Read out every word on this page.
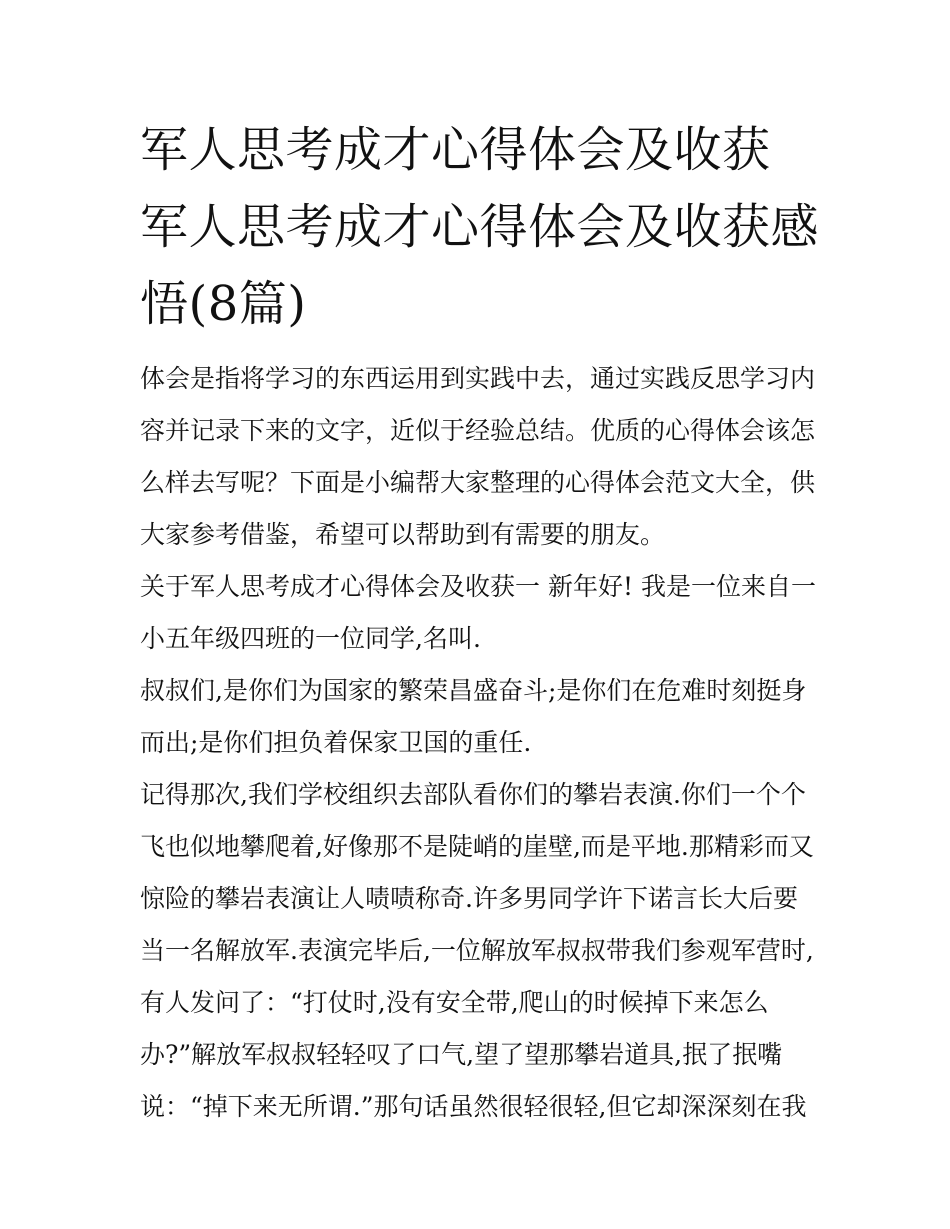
军人思考成才心得体会及收获 军人思考成才心得体会及收获感悟(8篇)

体会是指将学习的东西运用到实践中去，通过实践反思学习内容并记录下来的文字，近似于经验总结。优质的心得体会该怎么样去写呢？下面是小编帮大家整理的心得体会范文大全，供大家参考借鉴，希望可以帮助到有需要的朋友。

关于军人思考成才心得体会及收获一 新年好! 我是一位来自一小五年级四班的一位同学,名叫.

叔叔们,是你们为国家的繁荣昌盛奋斗;是你们在危难时刻挺身而出;是你们担负着保家卫国的重任.

记得那次,我们学校组织去部队看你们的攀岩表演.你们一个个飞也似地攀爬着,好像那不是陡峭的崖壁,而是平地.那精彩而又惊险的攀岩表演让人啧啧称奇.许多男同学许下诺言长大后要当一名解放军.表演完毕后,一位解放军叔叔带我们参观军营时,有人发问了：“打仗时,没有安全带,爬山的时候掉下来怎么办?”解放军叔叔轻轻叹了口气,望了望那攀岩道具,抿了抿嘴说：“掉下来无所谓.”那句话虽然很轻很轻,但它却深深刻在我
